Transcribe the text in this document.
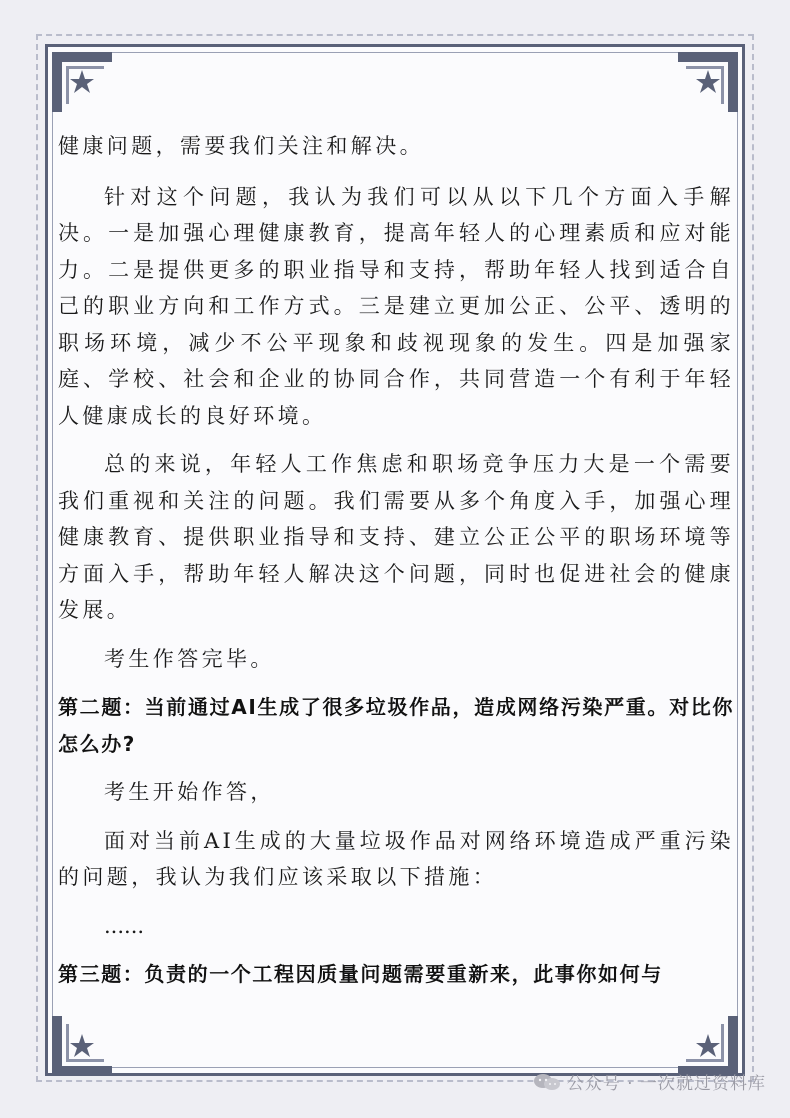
健康问题，需要我们关注和解决。

针对这个问题，我认为我们可以从以下几个方面入手解决。一是加强心理健康教育，提高年轻人的心理素质和应对能力。二是提供更多的职业指导和支持，帮助年轻人找到适合自己的职业方向和工作方式。三是建立更加公正、公平、透明的职场环境，减少不公平现象和歧视现象的发生。四是加强家庭、学校、社会和企业的协同合作，共同营造一个有利于年轻人健康成长的良好环境。

总的来说，年轻人工作焦虑和职场竞争压力大是一个需要我们重视和关注的问题。我们需要从多个角度入手，加强心理健康教育、提供职业指导和支持、建立公正公平的职场环境等方面入手，帮助年轻人解决这个问题，同时也促进社会的健康发展。

考生作答完毕。

第二题：当前通过AI生成了很多垃圾作品，造成网络污染严重。对比你怎么办?

考生开始作答，

面对当前AI生成的大量垃圾作品对网络环境造成严重污染的问题，我认为我们应该采取以下措施：

......

第三题：负责的一个工程因质量问题需要重新来，此事你如何与

公众号 · 一次就过资料库
